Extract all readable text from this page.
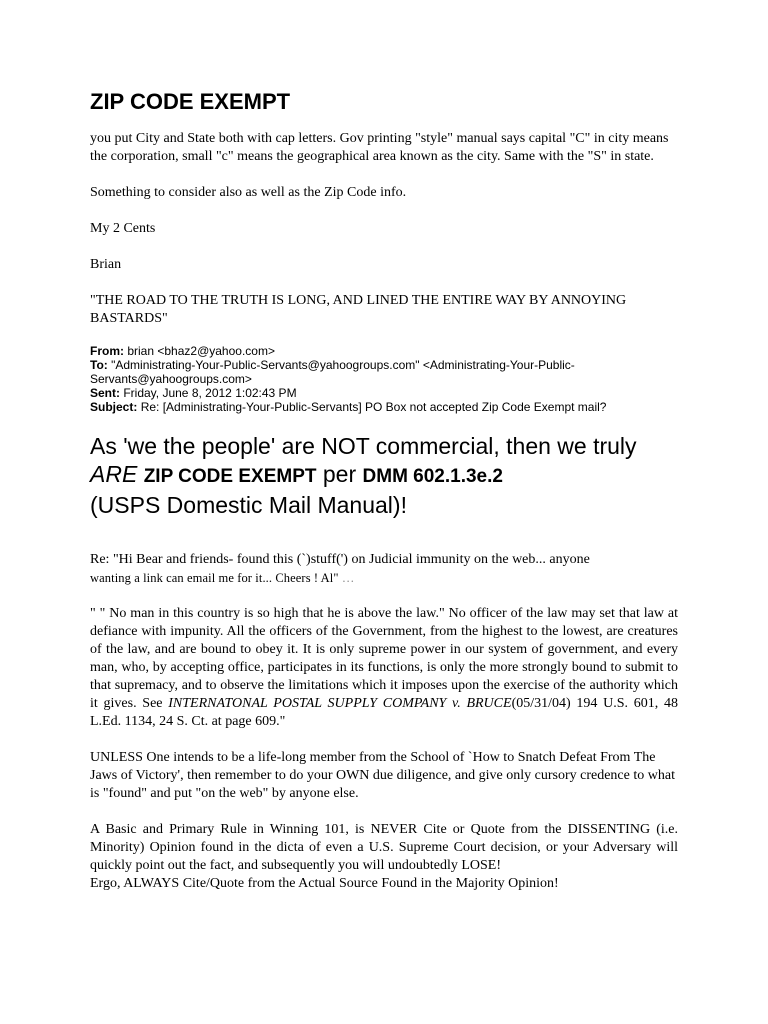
ZIP CODE EXEMPT

you put City and State both with cap letters. Gov printing "style" manual says capital "C" in city means the corporation, small "c" means the geographical area known as the city. Same with the "S" in state.

Something to consider also as well as the Zip Code info.

My 2 Cents

Brian

"THE ROAD TO THE TRUTH IS LONG, AND LINED THE ENTIRE WAY BY ANNOYING BASTARDS"

From: brian <bhaz2@yahoo.com>

To: "Administrating-Your-Public-Servants@yahoogroups.com" <Administrating-Your-Public-Servants@yahoogroups.com>

Sent: Friday, June 8, 2012 1:02:43 PM

Subject: Re: [Administrating-Your-Public-Servants] PO Box not accepted Zip Code Exempt mail?

As 'we the people' are NOT commercial, then we truly
ARE ZIP CODE EXEMPT per DMM 602.1.3e.2
(USPS Domestic Mail Manual)!

Re: "Hi Bear and friends- found this (`)stuff(') on Judicial immunity on the web... anyone

wanting a link can email me for it... Cheers ! Al" …

" " No man in this country is so high that he is above the law." No officer of the law may set that law at defiance with impunity. All the officers of the Government, from the highest to the lowest, are creatures of the law, and are bound to obey it. It is only supreme power in our system of government, and every man, who, by accepting office, participates in its functions, is only the more strongly bound to submit to that supremacy, and to observe the limitations which it imposes upon the exercise of the authority which it gives. See INTERNATONAL POSTAL SUPPLY COMPANY v. BRUCE(05/31/04) 194 U.S. 601, 48 L.Ed. 1134, 24 S. Ct. at page 609."

UNLESS One intends to be a life-long member from the School of `How to Snatch Defeat From The Jaws of Victory', then remember to do your OWN due diligence, and give only cursory credence to what is "found" and put "on the web" by anyone else.

A Basic and Primary Rule in Winning 101, is NEVER Cite or Quote from the DISSENTING (i.e. Minority) Opinion found in the dicta of even a U.S. Supreme Court decision, or your Adversary will quickly point out the fact, and subsequently you will undoubtedly LOSE!

Ergo, ALWAYS Cite/Quote from the Actual Source Found in the Majority Opinion!
